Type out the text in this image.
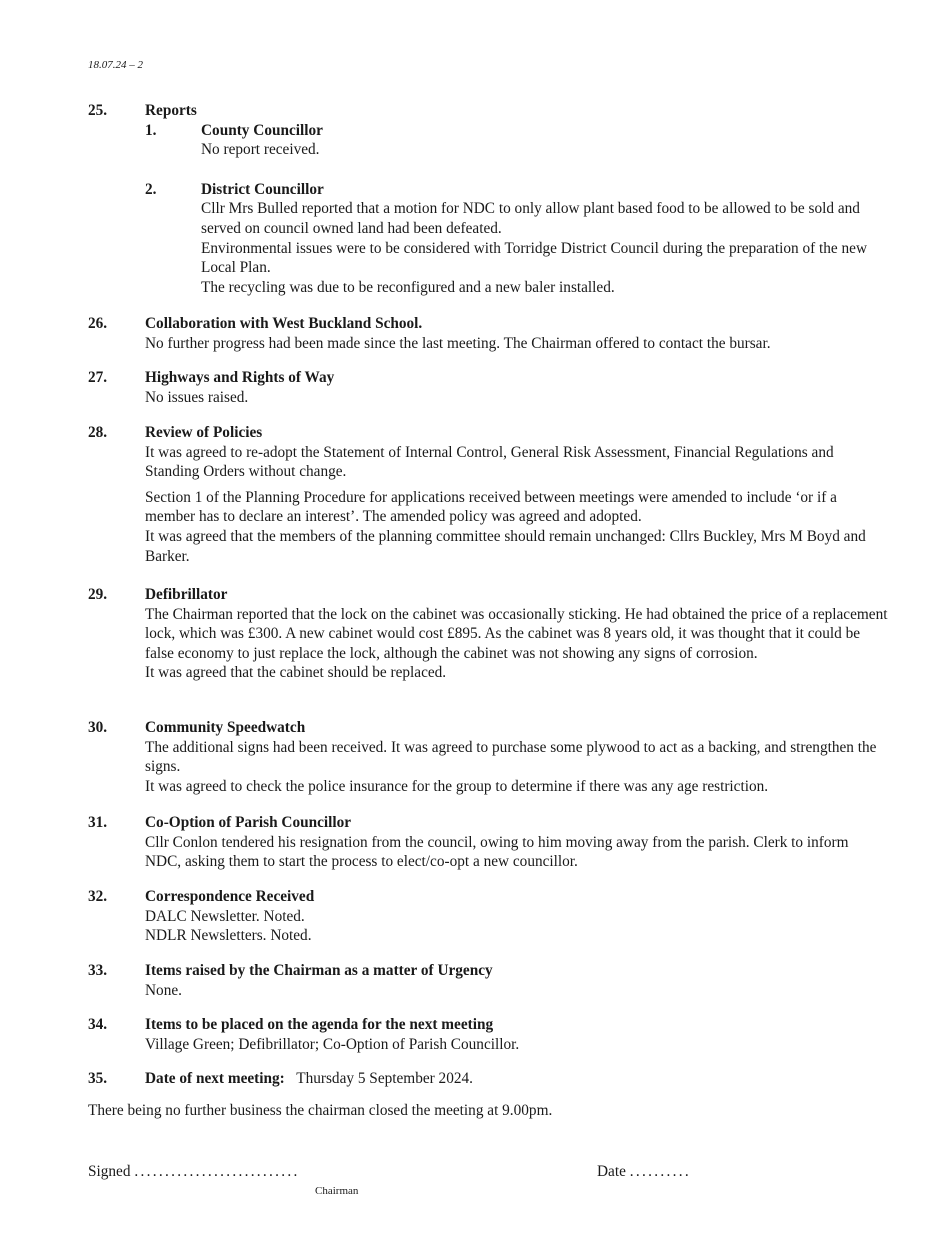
18.07.24 – 2
25. Reports
1.	County Councillor
No report received.
2.	District Councillor
Cllr Mrs Bulled reported that a motion for NDC to only allow plant based food to be allowed to be sold and served on council owned land had been defeated.
Environmental issues were to be considered with Torridge District Council during the preparation of the new Local Plan.
The recycling was due to be reconfigured and a new baler installed.
26. Collaboration with West Buckland School.
No further progress had been made since the last meeting. The Chairman offered to contact the bursar.
27. Highways and Rights of Way
No issues raised.
28. Review of Policies
It was agreed to re-adopt the Statement of Internal Control, General Risk Assessment, Financial Regulations and Standing Orders without change.
Section 1 of the Planning Procedure for applications received between meetings were amended to include ‘or if a member has to declare an interest’. The amended policy was agreed and adopted.
It was agreed that the members of the planning committee should remain unchanged: Cllrs Buckley, Mrs M Boyd and Barker.
29. Defibrillator
The Chairman reported that the lock on the cabinet was occasionally sticking. He had obtained the price of a replacement lock, which was £300. A new cabinet would cost £895. As the cabinet was 8 years old, it was thought that it could be false economy to just replace the lock, although the cabinet was not showing any signs of corrosion.
It was agreed that the cabinet should be replaced.
30. Community Speedwatch
The additional signs had been received. It was agreed to purchase some plywood to act as a backing, and strengthen the signs.
It was agreed to check the police insurance for the group to determine if there was any age restriction.
31. Co-Option of Parish Councillor
Cllr Conlon tendered his resignation from the council, owing to him moving away from the parish. Clerk to inform NDC, asking them to start the process to elect/co-opt a new councillor.
32. Correspondence Received
DALC Newsletter. Noted.
NDLR Newsletters. Noted.
33. Items raised by the Chairman as a matter of Urgency
None.
34. Items to be placed on the agenda for the next meeting
Village Green; Defibrillator; Co-Option of Parish Councillor.
35. Date of next meeting: Thursday 5 September 2024.
There being no further business the chairman closed the meeting at 9.00pm.
Signed ...........................
Chairman
Date ..........
